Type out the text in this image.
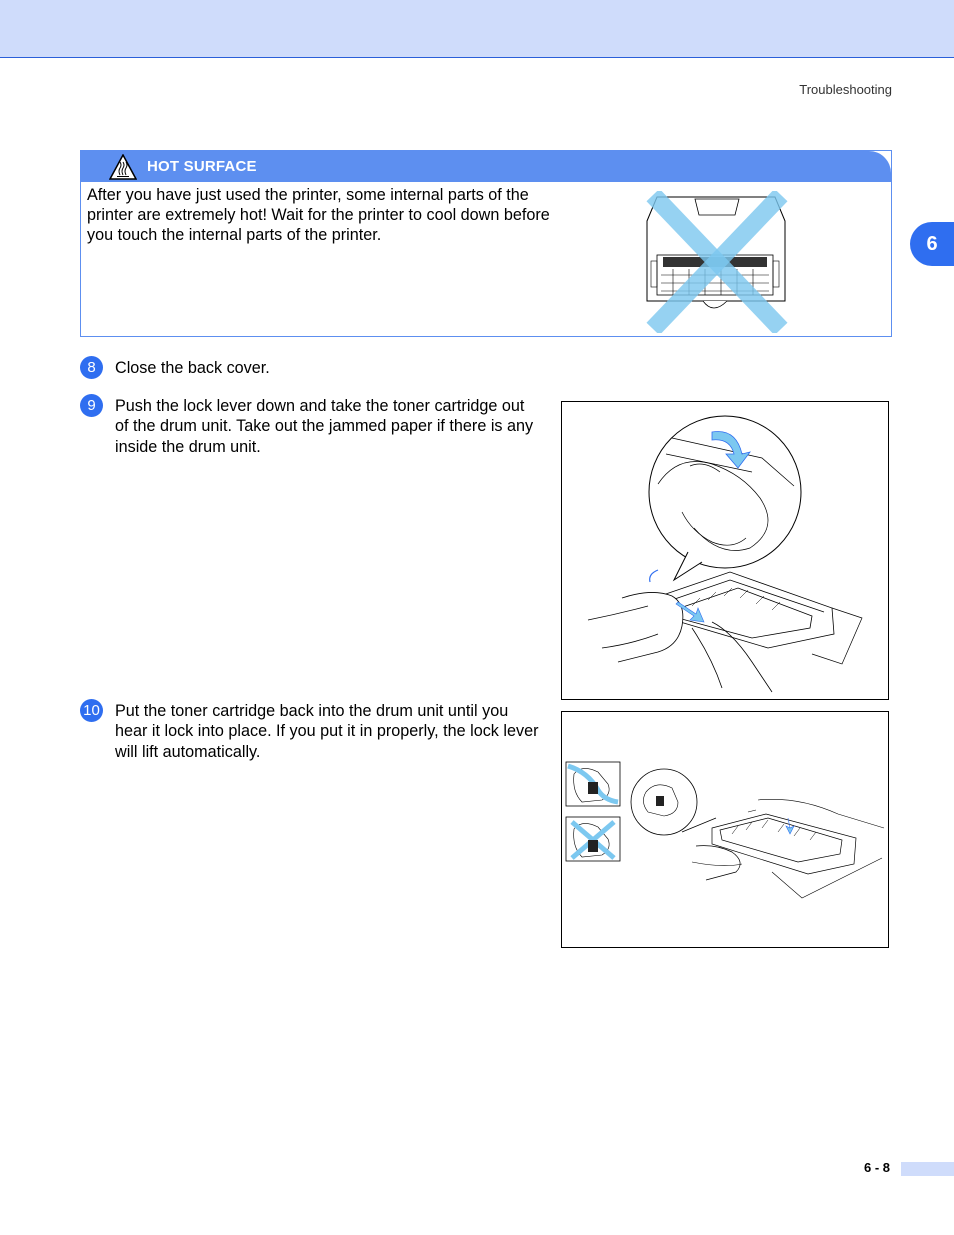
Troubleshooting
6
HOT SURFACE
After you have just used the printer, some internal parts of the printer are extremely hot! Wait for the printer to cool down before you touch the internal parts of the printer.
8	Close the back cover.
9	Push the lock lever down and take the toner cartridge out of the drum unit. Take out the jammed paper if there is any inside the drum unit.
10 Put the toner cartridge back into the drum unit until you hear it lock into place. If you put it in properly, the lock lever will lift automatically.
6 - 8
